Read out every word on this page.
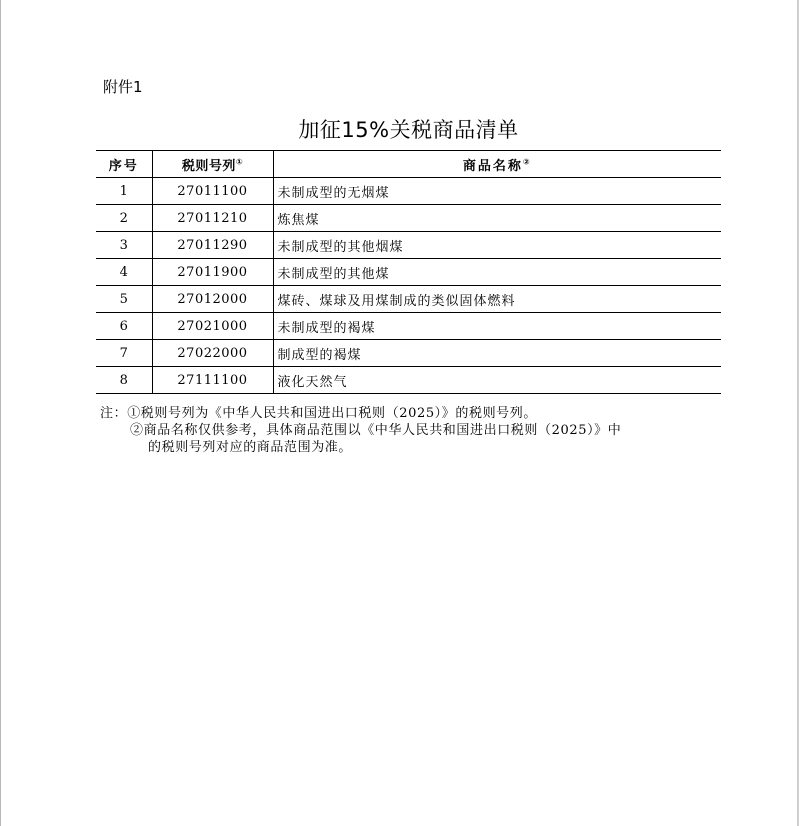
附件1
加征15%关税商品清单
序号	税则号列①	商品名称②
1	27011100	未制成型的无烟煤
2	27011210	炼焦煤
3	27011290	未制成型的其他烟煤
4	27011900	未制成型的其他煤
5	27012000	煤砖、煤球及用煤制成的类似固体燃料
6	27021000	未制成型的褐煤
7	27022000	制成型的褐煤
8	27111100	液化天然气
注：①税则号列为《中华人民共和国进出口税则（2025）》的税则号列。
②商品名称仅供参考，具体商品范围以《中华人民共和国进出口税则（2025）》中
的税则号列对应的商品范围为准。
